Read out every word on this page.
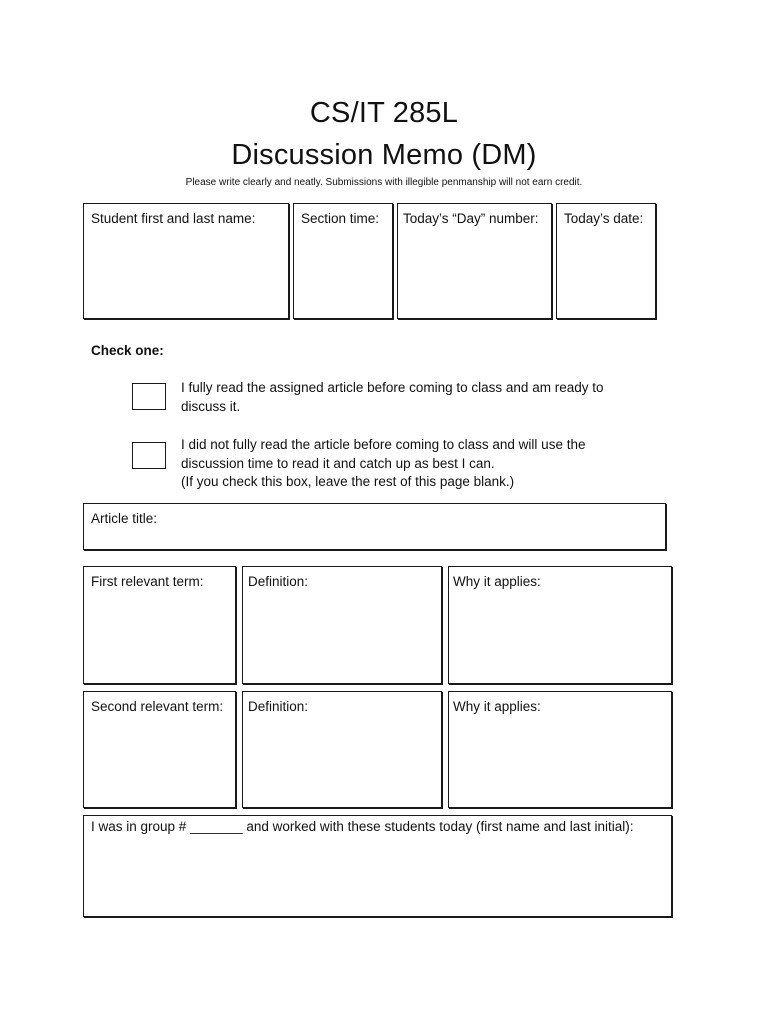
CS/IT 285L
Discussion Memo (DM)
Please write clearly and neatly. Submissions with illegible penmanship will not earn credit.
Student first and last name:	Section time: Today’s “Day” number: Today’s date:
Check one:
I fully read the assigned article before coming to class and am ready to
discuss it.
I did not fully read the article before coming to class and will use the
discussion time to read it and catch up as best I can.
(If you check this box, leave the rest of this page blank.)
Article title:
First relevant term:	Definition:	Why it applies:
Second relevant term: Definition:	Why it applies:
I was in group # _______ and worked with these students today (first name and last initial):
